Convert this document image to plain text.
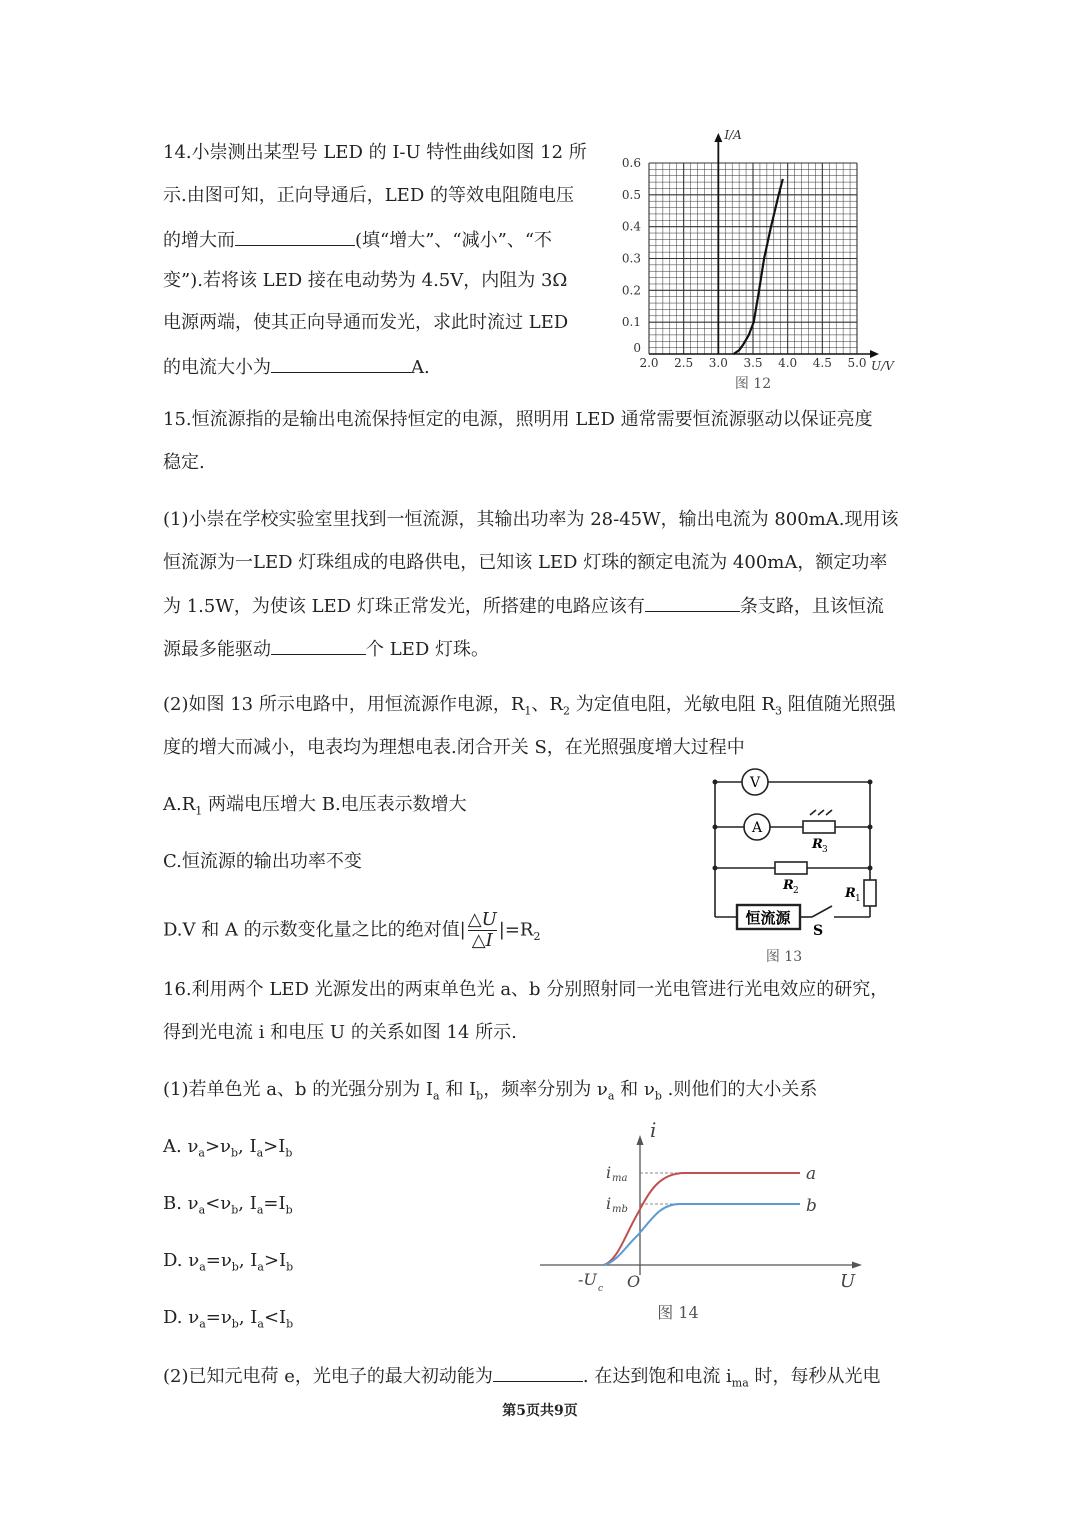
14.小崇测出某型号 LED 的 I-U 特性曲线如图 12 所
示.由图可知，正向导通后，LED 的等效电阻随电压
的增大而	(填“增大”、“减小”、“不
变”).若将该 LED 接在电动势为 4.5V，内阻为 3Ω
电源两端，使其正向导通而发光，求此时流过 LED
的电流大小为	A.	2.0 2.5 3.0 3.5 4.0 4.5 5.0
0
0.1
0.2
0.3
0.4
0.5
0.6
U/V
I/A
图 12
15.恒流源指的是输出电流保持恒定的电源，照明用 LED 通常需要恒流源驱动以保证亮度
稳定.
(1)小崇在学校实验室里找到一恒流源，其输出功率为 28-45W，输出电流为 800mA.现用该
恒流源为一LED 灯珠组成的电路供电，已知该 LED 灯珠的额定电流为 400mA，额定功率
为 1.5W，为使该 LED 灯珠正常发光，所搭建的电路应该有	条支路，且该恒流
源最多能驱动	个 LED 灯珠。
(2)如图 13 所示电路中，用恒流源作电源，$R_1$、$R_2$ 为定值电阻，光敏电阻 $R_3$ 阻值随光照强
度的增大而减小，电表均为理想电表.闭合开关 S，在光照强度增大过程中
$A.R_1$ 两端电压增大 B.电压表示数增大
C.恒流源的输出功率不变
D.V 和 A 的示数变化量之比的绝对值| $\frac{\triangle U}{\triangle I} |=R_2$
V
A
R 3
R 2	R 1
恒流源
S
图 13
16.利用两个 LED 光源发出的两束单色光 a、b 分别照射同一光电管进行光电效应的研究，
得到光电流 i 和电压 U 的关系如图 14 所示.
(1)若单色光 a、b 的光强分别为 $I_a$ 和 $I_b$，频率分别为 $\nu_a$ 和 $\nu_b$ .则他们的大小关系
A. $\nu_a>\nu_b$, $I_a>I_b$
B. $\nu_a<\nu_b$, $I_a=I_b$
D. $\nu_a=\nu_b$, $I_a>I_b$
D. $\nu_a=\nu_b$, $I_a<I_b$
(2)已知元电荷 e，光电子的最大初动能为	. 在达到饱和电流 $i_{ma}$ 时，每秒从光电
i
U
O
-U c
i ma
i mb
a
b
图 14
第5页共9页
